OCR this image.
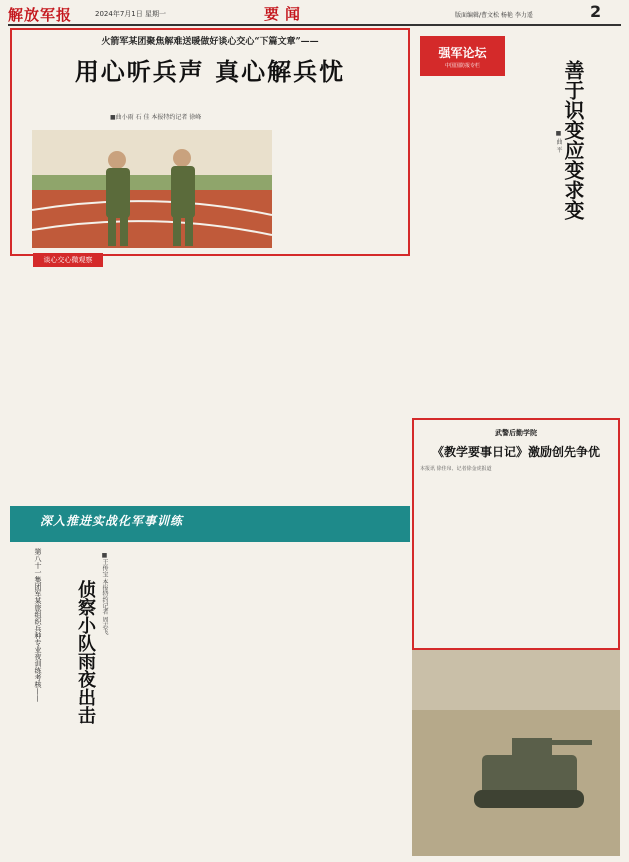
解放军报	2024年7月1日 星期一	要闻	版面编辑/曹文松 杨艳 李力遥	2
火箭军某团聚焦解难送暖做好谈心交心“下篇文章”——
用心听兵声 真心解兵忧
■曲小雨 石 佳 本报特约记者 徐峰
谈心交心微观察
强军论坛
中国国防报专栏	善于识变应变求变
■ 曲 平
武警后勤学院
《教学要事日记》激励创先争优
本报讯 徐佳帛、记者徐金虎报道
深入推进实战化军事训练
第八十一集团军某旅组织兵种专业夜训练考核——	侦察小队雨夜出击 ■王传宝 本报特约记者 周志飞
